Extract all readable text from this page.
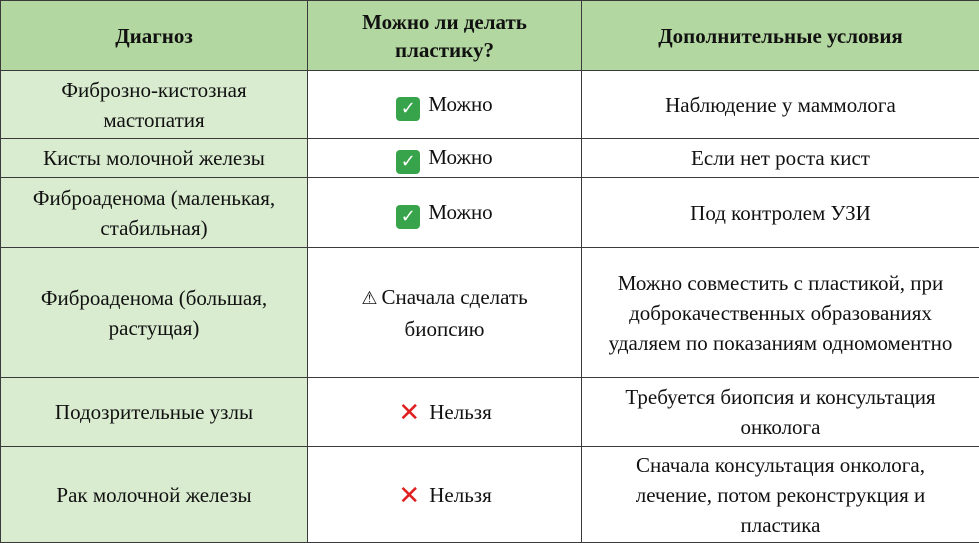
Диагноз	Можно ли делать пластику?	Дополнительные условия
Фиброзно-кистозная мастопатия	✓ Можно	Наблюдение у маммолога
Кисты молочной железы	✓ Можно	Если нет роста кист
Фиброаденома (маленькая, стабильная)	✓ Можно	Под контролем УЗИ
Фиброаденома (большая, растущая)	⚠ Сначала сделать биопсию	Можно совместить с пластикой, при доброкачественных образованиях удаляем по показаниям одномоментно
Подозрительные узлы	✕ Нельзя	Требуется биопсия и консультация онколога
Рак молочной железы	✕ Нельзя	Сначала консультация онколога, лечение, потом реконструкция и пластика
